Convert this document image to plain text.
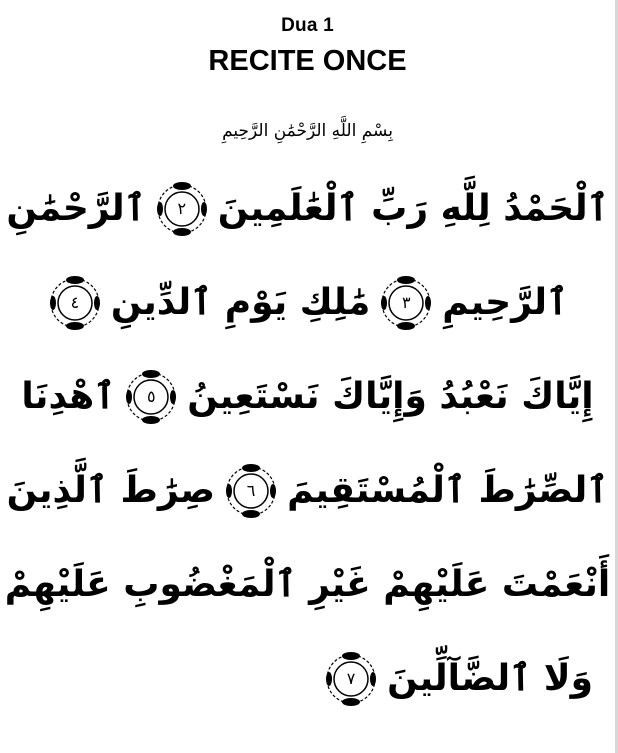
Dua 1
RECITE ONCE
بِسْمِ اللَّهِ الرَّحْمَٰنِ الرَّحِيمِ
ٱلْحَمْدُ لِلَّهِ رَبِّ ٱلْعَٰلَمِينَ
٢
ٱلرَّحْمَٰنِ
ٱلرَّحِيمِ
٣
مَٰلِكِ يَوْمِ ٱلدِّينِ
٤
إِيَّاكَ نَعْبُدُ وَإِيَّاكَ نَسْتَعِينُ
٥
ٱهْدِنَا
ٱلصِّرَٰطَ ٱلْمُسْتَقِيمَ
٦
صِرَٰطَ ٱلَّذِينَ
أَنْعَمْتَ عَلَيْهِمْ غَيْرِ ٱلْمَغْضُوبِ عَلَيْهِمْ
وَلَا ٱلضَّآلِّينَ
٧
